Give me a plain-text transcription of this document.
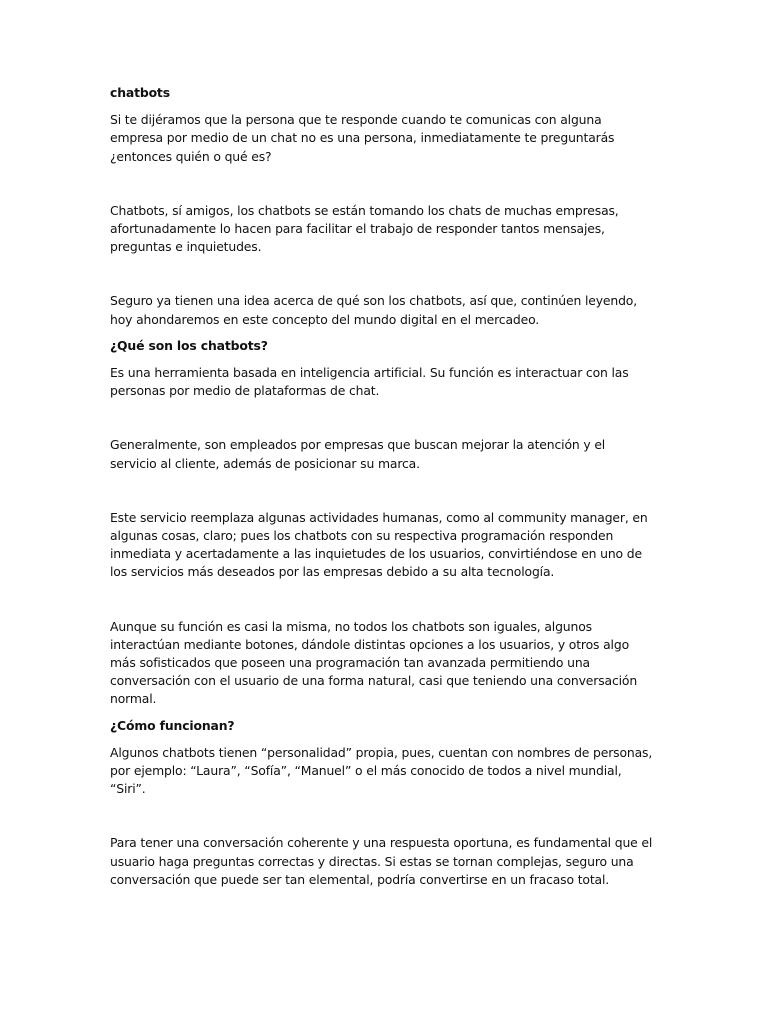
chatbots

Si te dijéramos que la persona que te responde cuando te comunicas con alguna empresa por medio de un chat no es una persona, inmediatamente te preguntarás ¿entonces quién o qué es?

Chatbots, sí amigos, los chatbots se están tomando los chats de muchas empresas, afortunadamente lo hacen para facilitar el trabajo de responder tantos mensajes, preguntas e inquietudes.

Seguro ya tienen una idea acerca de qué son los chatbots, así que, continúen leyendo, hoy ahondaremos en este concepto del mundo digital en el mercadeo.

¿Qué son los chatbots?

Es una herramienta basada en inteligencia artificial. Su función es interactuar con las personas por medio de plataformas de chat.

Generalmente, son empleados por empresas que buscan mejorar la atención y el servicio al cliente, además de posicionar su marca.

Este servicio reemplaza algunas actividades humanas, como al community manager, en algunas cosas, claro; pues los chatbots con su respectiva programación responden inmediata y acertadamente a las inquietudes de los usuarios, convirtiéndose en uno de los servicios más deseados por las empresas debido a su alta tecnología.

Aunque su función es casi la misma, no todos los chatbots son iguales, algunos interactúan mediante botones, dándole distintas opciones a los usuarios, y otros algo más sofisticados que poseen una programación tan avanzada permitiendo una conversación con el usuario de una forma natural, casi que teniendo una conversación normal.

¿Cómo funcionan?

Algunos chatbots tienen “personalidad” propia, pues, cuentan con nombres de personas, por ejemplo: “Laura”, “Sofía”, “Manuel” o el más conocido de todos a nivel mundial, “Siri”.

Para tener una conversación coherente y una respuesta oportuna, es fundamental que el usuario haga preguntas correctas y directas. Si estas se tornan complejas, seguro una conversación que puede ser tan elemental, podría convertirse en un fracaso total.
